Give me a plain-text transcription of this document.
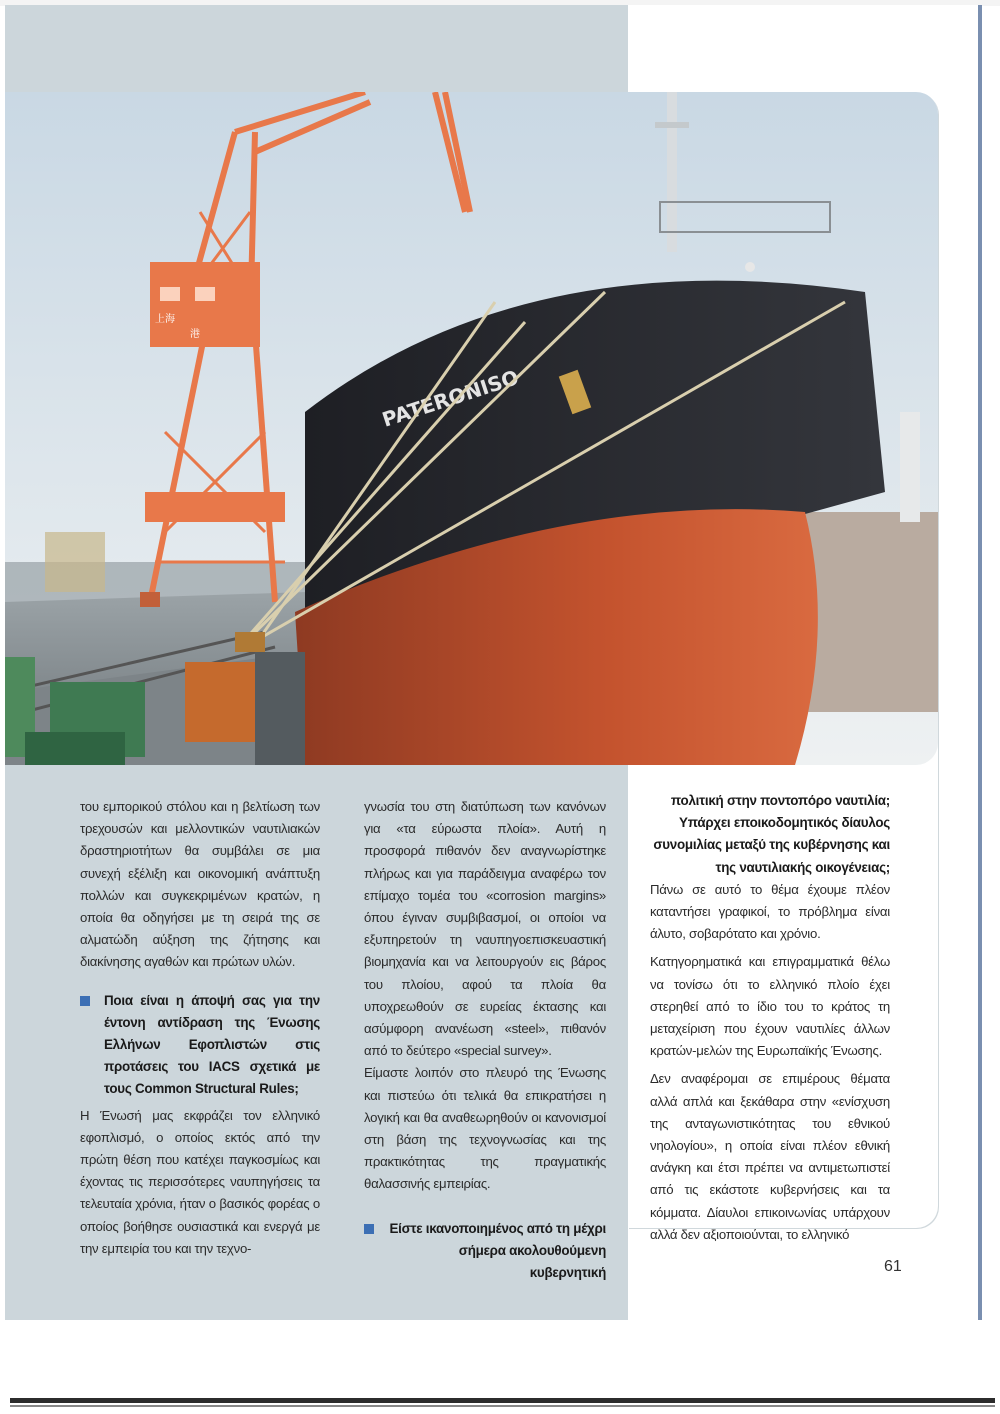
上海
港
PATERONISO

του εμπορικού στόλου και η βελτίωση των τρεχουσών και μελλοντικών ναυτιλιακών δραστηριοτήτων θα συμβάλει σε μια συνεχή εξέλιξη και οικονομική ανάπτυξη πολλών και συγκεκριμένων κρατών, η οποία θα οδηγήσει με τη σειρά της σε αλματώδη αύξηση της ζήτησης και διακίνησης αγαθών και πρώτων υλών.

Ποια είναι η άποψή σας για την έντονη αντίδραση της Ένωσης Ελλήνων Εφοπλιστών στις προτάσεις του IACS σχετικά με τους Common Structural Rules;

Η Ένωσή μας εκφράζει τον ελληνικό εφοπλισμό, ο οποίος εκτός από την πρώτη θέση που κατέχει παγκοσμίως και έχοντας τις περισσότερες ναυπηγήσεις τα τελευταία χρόνια, ήταν ο βασικός φορέας ο οποίος βοήθησε ουσιαστικά και ενεργά με την εμπειρία του και την τεχνο-

γνωσία του στη διατύπωση των κανόνων για «τα εύρωστα πλοία». Αυτή η προσφορά πιθανόν δεν αναγνωρίστηκε πλήρως και για παράδειγμα αναφέρω τον επίμαχο τομέα του «corrosion margins» όπου έγιναν συμβιβασμοί, οι οποίοι να εξυπηρετούν τη ναυπηγοεπισκευαστική βιομηχανία και να λειτουργούν εις βάρος του πλοίου, αφού τα πλοία θα υποχρεωθούν σε ευρείας έκτασης και ασύμφορη ανανέωση «steel», πιθανόν από το δεύτερο «special survey».

Είμαστε λοιπόν στο πλευρό της Ένωσης και πιστεύω ότι τελικά θα επικρατήσει η λογική και θα αναθεωρηθούν οι κανονισμοί στη βάση της τεχνογνωσίας και της πρακτικότητας της πραγματικής θαλασσινής εμπειρίας.

Είστε ικανοποιημένος από τη μέχρι σήμερα ακολουθούμενη κυβερνητική

πολιτική στην ποντοπόρο ναυτιλία; Υπάρχει εποικοδομητικός δίαυλος συνομιλίας μεταξύ της κυβέρνησης και της ναυτιλιακής οικογένειας;

Πάνω σε αυτό το θέμα έχουμε πλέον καταντήσει γραφικοί, το πρόβλημα είναι άλυτο, σοβαρότατο και χρόνιο.

Κατηγορηματικά και επιγραμματικά θέλω να τονίσω ότι το ελληνικό πλοίο έχει στερηθεί από το ίδιο του το κράτος τη μεταχείριση που έχουν ναυτιλίες άλλων κρατών-μελών της Ευρωπαϊκής Ένωσης.

Δεν αναφέρομαι σε επιμέρους θέματα αλλά απλά και ξεκάθαρα στην «ενίσχυση της ανταγωνιστικότητας του εθνικού νηολογίου», η οποία είναι πλέον εθνική ανάγκη και έτσι πρέπει να αντιμετωπιστεί από τις εκάστοτε κυβερνήσεις και τα κόμματα. Δίαυλοι επικοινωνίας υπάρχουν αλλά δεν αξιοποιούνται, το ελληνικό

61
